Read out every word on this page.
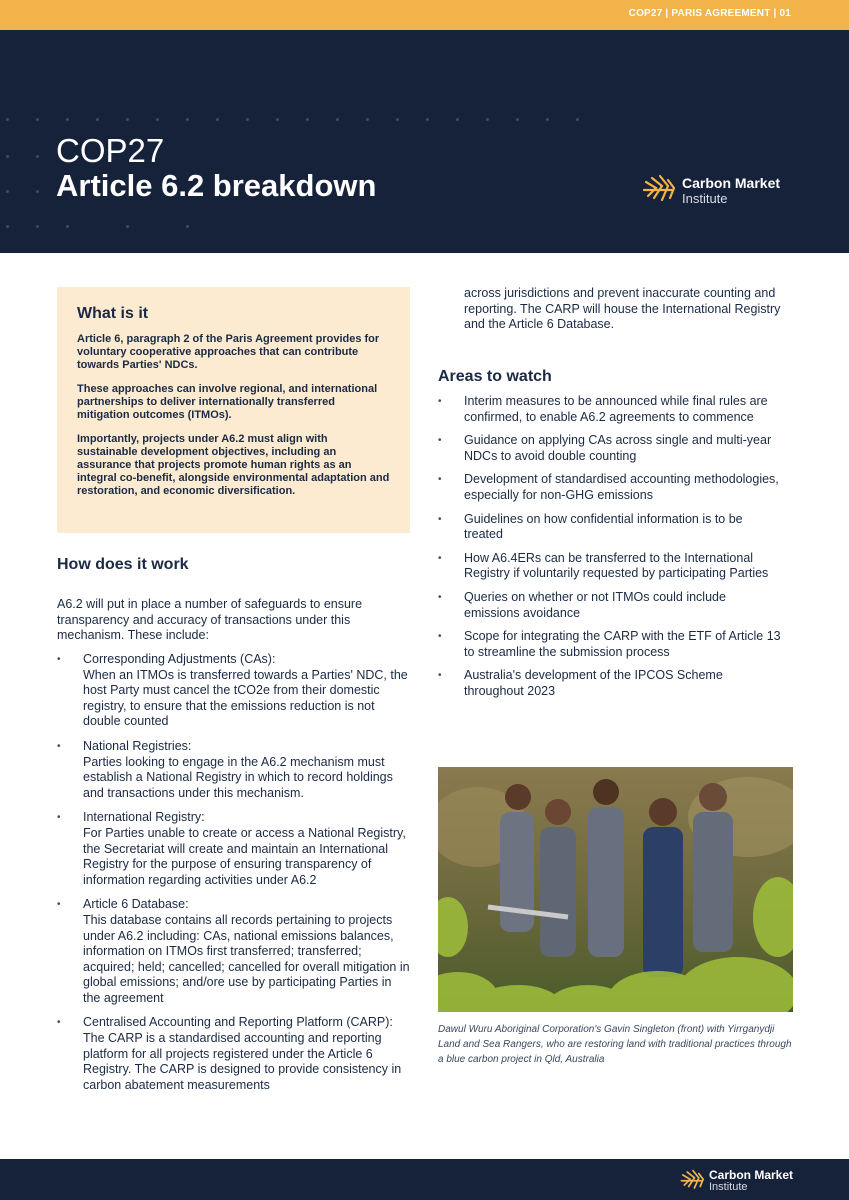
COP27 | PARIS AGREEMENT | 01
COP27
Article 6.2 breakdown	Carbon Market
Institute
What is it

Article 6, paragraph 2 of the Paris Agreement provides for voluntary cooperative approaches that can contribute towards Parties' NDCs.

These approaches can involve regional, and international partnerships to deliver internationally transferred mitigation outcomes (ITMOs).

Importantly, projects under A6.2 must align with sustainable development objectives, including an assurance that projects promote human rights as an integral co-benefit, alongside environmental adaptation and restoration, and economic diversification.

How does it work
A6.2 will put in place a number of safeguards to ensure transparency and accuracy of transactions under this mechanism. These include:
• Corresponding Adjustments (CAs):
When an ITMOs is transferred towards a Parties' NDC, the host Party must cancel the tCO2e from their domestic registry, to ensure that the emissions reduction is not double counted
• National Registries:
Parties looking to engage in the A6.2 mechanism must establish a National Registry in which to record holdings and transactions under this mechanism.
• International Registry:
For Parties unable to create or access a National Registry, the Secretariat will create and maintain an International Registry for the purpose of ensuring transparency of information regarding activities under A6.2
• Article 6 Database:
This database contains all records pertaining to projects under A6.2 including: CAs, national emissions balances, information on ITMOs first transferred; transferred; acquired; held; cancelled; cancelled for overall mitigation in global emissions; and/ore use by participating Parties in the agreement
• Centralised Accounting and Reporting Platform (CARP):
The CARP is a standardised accounting and reporting platform for all projects registered under the Article 6 Registry. The CARP is designed to provide consistency in carbon abatement measurements
across jurisdictions and prevent inaccurate counting and reporting. The CARP will house the International Registry and the Article 6 Database.
Areas to watch
• Interim measures to be announced while final rules are confirmed, to enable A6.2 agreements to commence
• Guidance on applying CAs across single and multi-year NDCs to avoid double counting
• Development of standardised accounting methodologies, especially for non-GHG emissions
• Guidelines on how confidential information is to be treated
• How A6.4ERs can be transferred to the International Registry if voluntarily requested by participating Parties
• Queries on whether or not ITMOs could include emissions avoidance
• Scope for integrating the CARP with the ETF of Article 13 to streamline the submission process
• Australia's development of the IPCOS Scheme throughout 2023
Dawul Wuru Aboriginal Corporation's Gavin Singleton (front) with Yirrganydji Land and Sea Rangers, who are restoring land with traditional practices through a blue carbon project in Qld, Australia
Carbon Market
Institute
